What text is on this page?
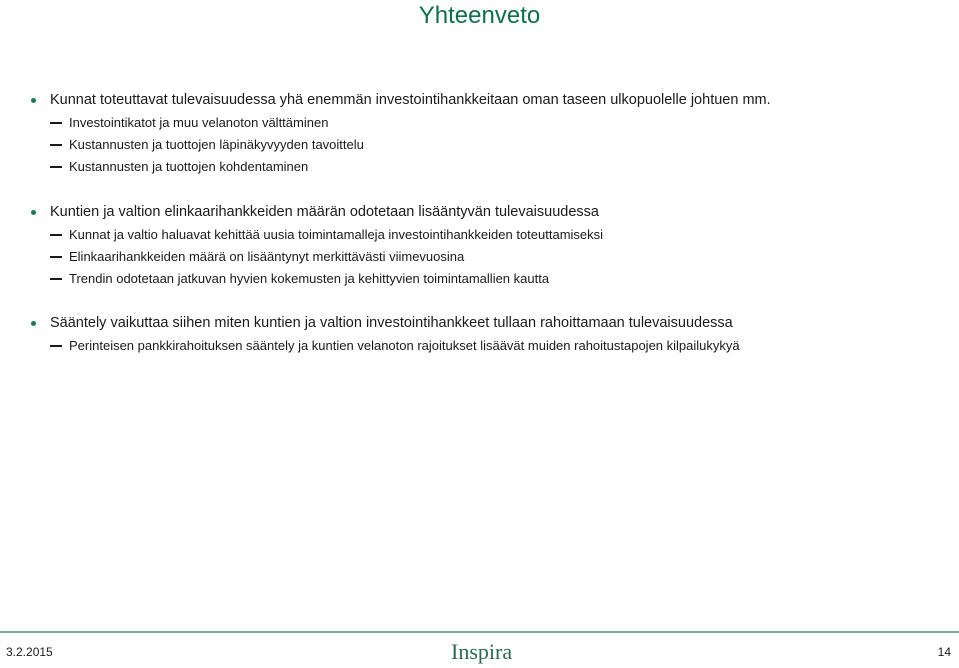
Yhteenveto
Kunnat toteuttavat tulevaisuudessa yhä enemmän investointihankkeitaan oman taseen ulkopuolelle johtuen mm.
Investointikatot ja muu velanoton välttäminen
Kustannusten ja tuottojen läpinäkyvyyden tavoittelu
Kustannusten ja tuottojen kohdentaminen
Kuntien ja valtion elinkaarihankkeiden määrän odotetaan lisääntyvän tulevaisuudessa
Kunnat ja valtio haluavat kehittää uusia toimintamalleja investointihankkeiden toteuttamiseksi
Elinkaarihankkeiden määrä on lisääntynyt merkittävästi viimevuosina
Trendin odotetaan jatkuvan hyvien kokemusten ja kehittyvien toimintamallien kautta
Sääntely vaikuttaa siihen miten kuntien ja valtion investointihankkeet tullaan rahoittamaan tulevaisuudessa
Perinteisen pankkirahoituksen sääntely ja kuntien velanoton rajoitukset lisäävät muiden rahoitustapojen kilpailukykyä
3.2.2015	Inspira	14
